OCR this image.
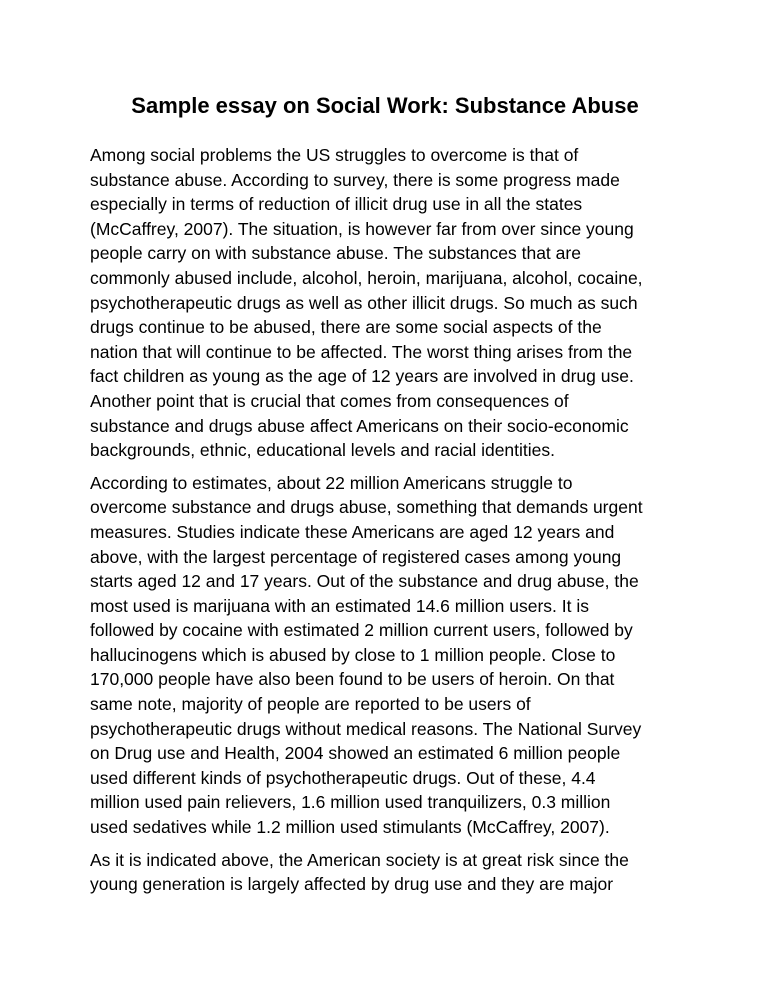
Sample essay on Social Work: Substance Abuse

Among social problems the US struggles to overcome is that of
substance abuse. According to survey, there is some progress made
especially in terms of reduction of illicit drug use in all the states
(McCaffrey, 2007). The situation, is however far from over since young
people carry on with substance abuse. The substances that are
commonly abused include, alcohol, heroin, marijuana, alcohol, cocaine,
psychotherapeutic drugs as well as other illicit drugs. So much as such
drugs continue to be abused, there are some social aspects of the
nation that will continue to be affected. The worst thing arises from the
fact children as young as the age of 12 years are involved in drug use.
Another point that is crucial that comes from consequences of
substance and drugs abuse affect Americans on their socio-economic
backgrounds, ethnic, educational levels and racial identities.

According to estimates, about 22 million Americans struggle to
overcome substance and drugs abuse, something that demands urgent
measures. Studies indicate these Americans are aged 12 years and
above, with the largest percentage of registered cases among young
starts aged 12 and 17 years. Out of the substance and drug abuse, the
most used is marijuana with an estimated 14.6 million users. It is
followed by cocaine with estimated 2 million current users, followed by
hallucinogens which is abused by close to 1 million people. Close to
170,000 people have also been found to be users of heroin. On that
same note, majority of people are reported to be users of
psychotherapeutic drugs without medical reasons. The National Survey
on Drug use and Health, 2004 showed an estimated 6 million people
used different kinds of psychotherapeutic drugs. Out of these, 4.4
million used pain relievers, 1.6 million used tranquilizers, 0.3 million
used sedatives while 1.2 million used stimulants (McCaffrey, 2007).

As it is indicated above, the American society is at great risk since the
young generation is largely affected by drug use and they are major
